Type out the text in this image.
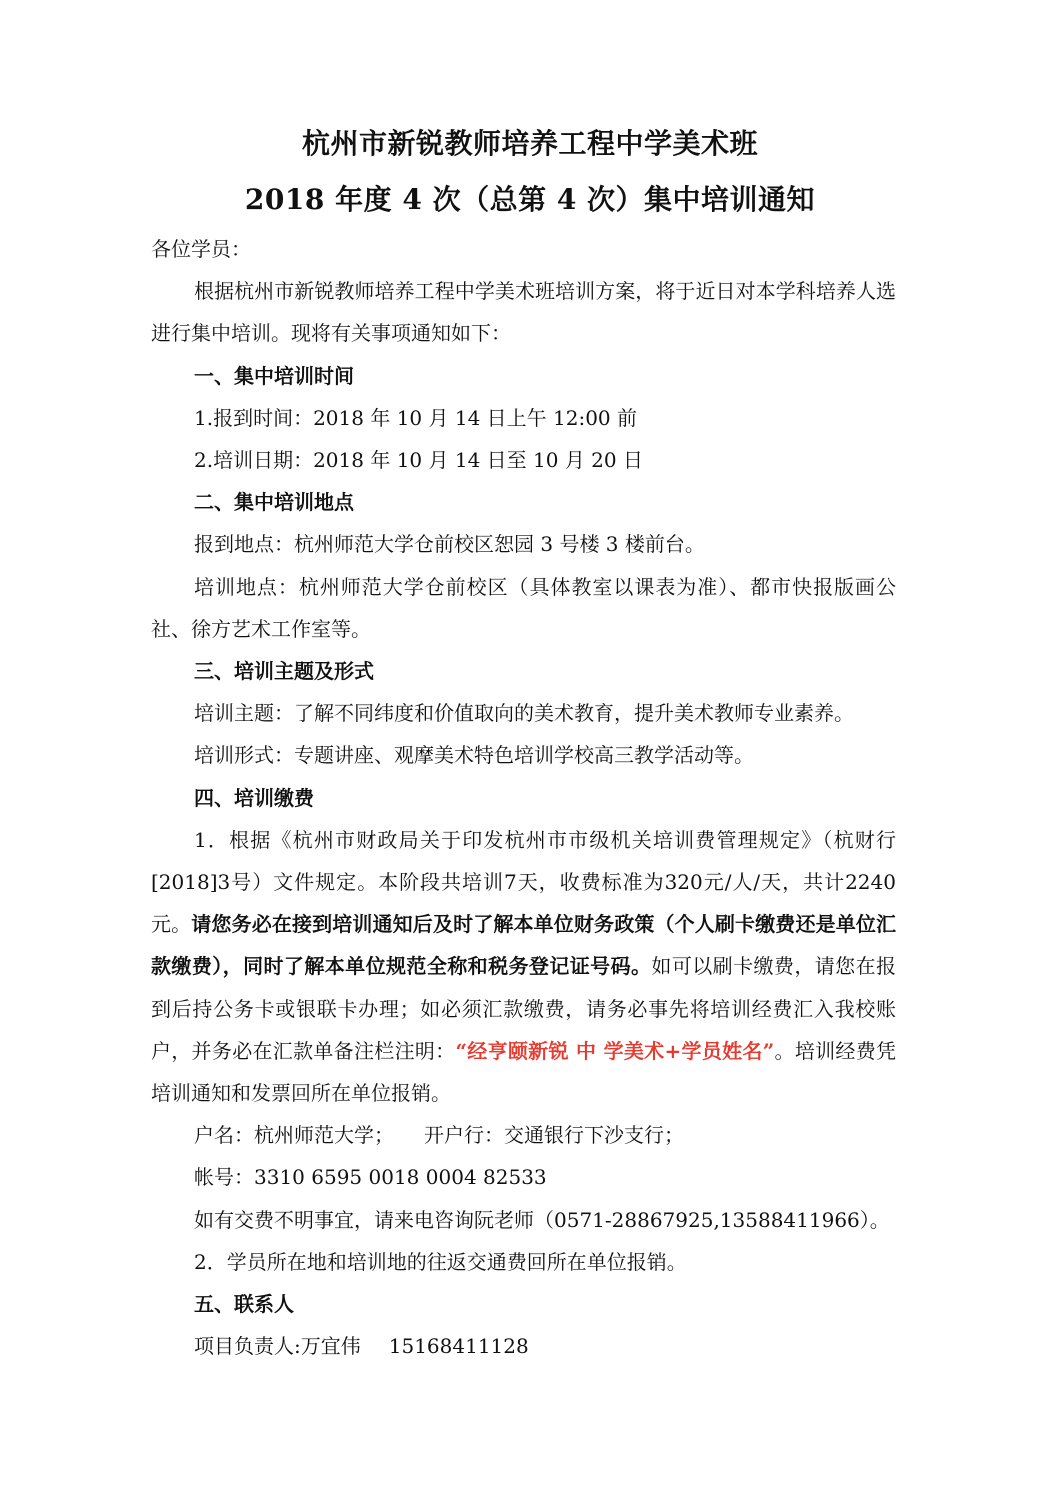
杭州市新锐教师培养工程中学美术班
2018 年度 4 次（总第 4 次）集中培训通知

各位学员：

根据杭州市新锐教师培养工程中学美术班培训方案，将于近日对本学科培养人选进行集中培训。现将有关事项通知如下：

一、集中培训时间

1.报到时间：2018 年 10 月 14 日上午 12:00 前

2.培训日期：2018 年 10 月 14 日至 10 月 20 日

二、集中培训地点

报到地点：杭州师范大学仓前校区恕园 3 号楼 3 楼前台。

培训地点：杭州师范大学仓前校区（具体教室以课表为准）、都市快报版画公社、徐方艺术工作室等。

三、培训主题及形式

培训主题：了解不同纬度和价值取向的美术教育，提升美术教师专业素养。

培训形式：专题讲座、观摩美术特色培训学校高三教学活动等。

四、培训缴费

1．根据《杭州市财政局关于印发杭州市市级机关培训费管理规定》（杭财行[2018]3号）文件规定。本阶段共培训7天，收费标准为320元/人/天，共计2240元。请您务必在接到培训通知后及时了解本单位财务政策（个人刷卡缴费还是单位汇款缴费），同时了解本单位规范全称和税务登记证号码。如可以刷卡缴费，请您在报到后持公务卡或银联卡办理；如必须汇款缴费，请务必事先将培训经费汇入我校账户，并务必在汇款单备注栏注明：“经亨颐新锐 中 学美术+学员姓名”。培训经费凭培训通知和发票回所在单位报销。

户名：杭州师范大学； 开户行：交通银行下沙支行；

帐号：3310 6595 0018 0004 82533

如有交费不明事宜，请来电咨询阮老师（0571-28867925,13588411966）。

2．学员所在地和培训地的往返交通费回所在单位报销。

五、联系人

项目负责人:万宜伟 15168411128
